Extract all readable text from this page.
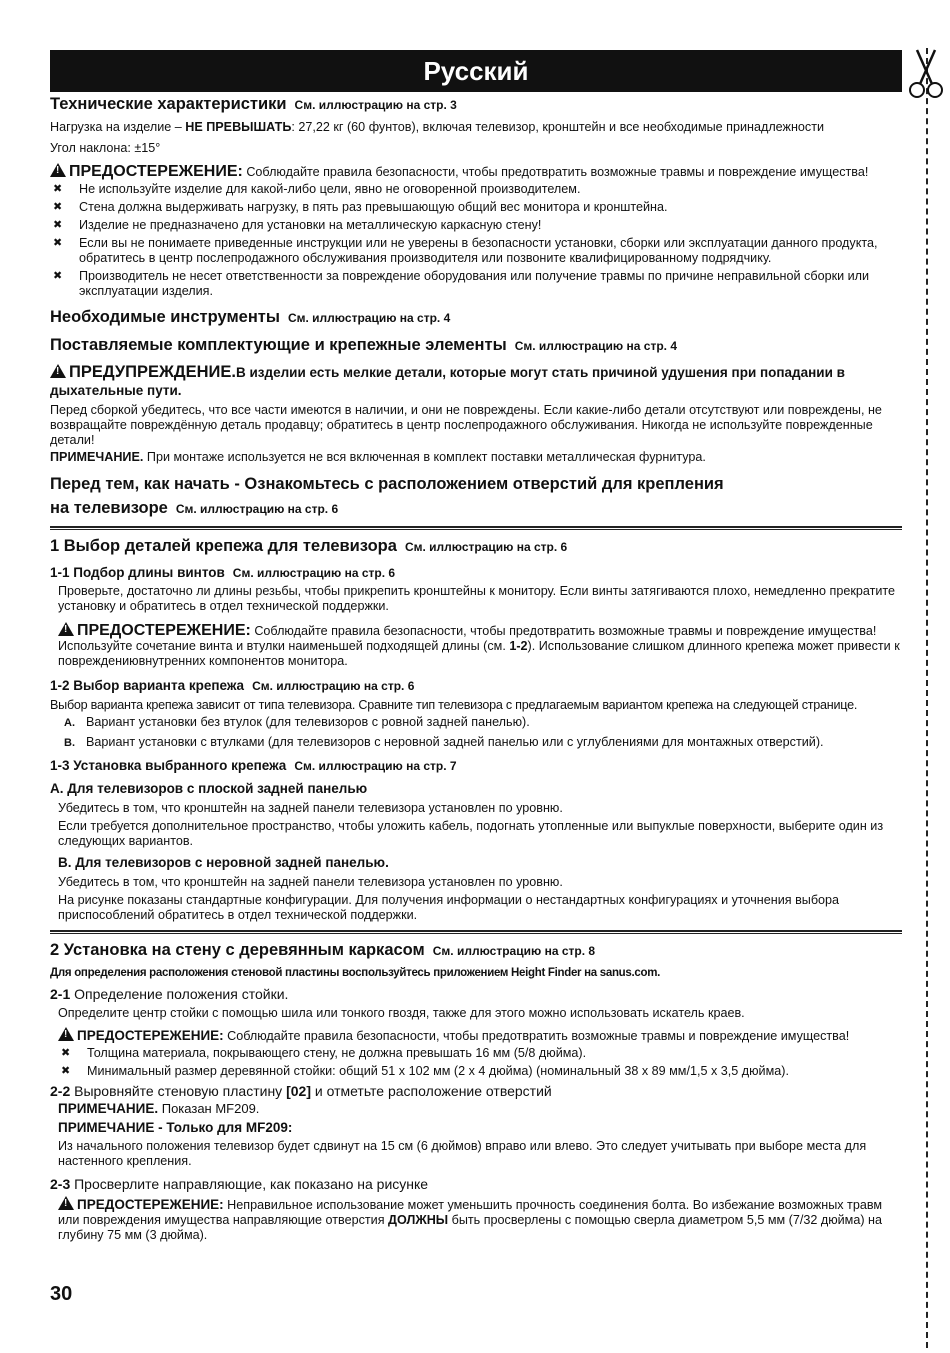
Русский
Технические характеристики См. иллюстрацию на стр. 3

Нагрузка на изделие – НЕ ПРЕВЫШАТЬ: 27,22 кг (60 фунтов), включая телевизор, кронштейн и все необходимые принадлежности

Угол наклона: ±15°

!ПРЕДОСТЕРЕЖЕНИЕ: Соблюдайте правила безопасности, чтобы предотвратить возможные травмы и повреждение имущества!
✖ Не используйте изделие для какой-либо цели, явно не оговоренной производителем.
✖ Стена должна выдерживать нагрузку, в пять раз превышающую общий вес монитора и кронштейна.
✖ Изделие не предназначено для установки на металлическую каркасную стену!
✖ Если вы не понимаете приведенные инструкции или не уверены в безопасности установки, сборки или эксплуатации данного продукта, обратитесь в центр послепродажного обслуживания производителя или позвоните квалифицированному подрядчику.
✖ Производитель не несет ответственности за повреждение оборудования или получение травмы по причине неправильной сборки или эксплуатации изделия.
Необходимые инструменты См. иллюстрацию на стр. 4
Поставляемые комплектующие и крепежные элементы См. иллюстрацию на стр. 4
!ПРЕДУПРЕЖДЕНИЕ.В изделии есть мелкие детали, которые могут стать причиной удушения при попадании в дыхательные пути.

Перед сборкой убедитесь, что все части имеются в наличии, и они не повреждены. Если какие-либо детали отсутствуют или повреждены, не возвращайте повреждённую деталь продавцу; обратитесь в центр послепродажного обслуживания. Никогда не используйте поврежденные детали!

ПРИМЕЧАНИЕ. При монтаже используется не вся включенная в комплект поставки металлическая фурнитура.

Перед тем, как начать - Ознакомьтесь с расположением отверстий для крепления
на телевизоре См. иллюстрацию на стр. 6
1 Выбор деталей крепежа для телевизора См. иллюстрацию на стр. 6
1-1 Подбор длины винтов См. иллюстрацию на стр. 6

Проверьте, достаточно ли длины резьбы, чтобы прикрепить кронштейны к монитору. Если винты затягиваются плохо, немедленно прекратите установку и обратитесь в отдел технической поддержки.

!ПРЕДОСТЕРЕЖЕНИЕ: Соблюдайте правила безопасности, чтобы предотвратить возможные травмы и повреждение имущества! Используйте сочетание винта и втулки наименьшей подходящей длины (см. 1-2). Использование слишком длинного крепежа может привести к повреждениювнутренних компонентов монитора.
1-2 Выбор варианта крепежа См. иллюстрацию на стр. 6

Выбор варианта крепежа зависит от типа телевизора. Сравните тип телевизора с предлагаемым вариантом крепежа на следующей странице.

A. Вариант установки без втулок (для телевизоров с ровной задней панелью).
B. Вариант установки с втулками (для телевизоров с неровной задней панелью или с углублениями для монтажных отверстий).
1-3 Установка выбранного крепежа См. иллюстрацию на стр. 7
A. Для телевизоров с плоской задней панелью

Убедитесь в том, что кронштейн на задней панели телевизора установлен по уровню.

Если требуется дополнительное пространство, чтобы уложить кабель, подогнать утопленные или выпуклые поверхности, выберите один из следующих вариантов.

B. Для телевизоров с неровной задней панелью.

Убедитесь в том, что кронштейн на задней панели телевизора установлен по уровню.

На рисунке показаны стандартные конфигурации. Для получения информации о нестандартных конфигурациях и уточнения выбора приспособлений обратитесь в отдел технической поддержки.

2 Установка на стену с деревянным каркасом См. иллюстрацию на стр. 8
Для определения расположения стеновой пластины воспользуйтесь приложением Height Finder на sanus.com.
2-1 Определение положения стойки.

Определите центр стойки с помощью шила или тонкого гвоздя, также для этого можно использовать искатель краев.

!ПРЕДОСТЕРЕЖЕНИЕ: Соблюдайте правила безопасности, чтобы предотвратить возможные травмы и повреждение имущества!
✖ Толщина материала, покрывающего стену, не должна превышать 16 мм (5/8 дюйма).
✖ Минимальный размер деревянной стойки: общий 51 x 102 мм (2 x 4 дюйма) (номинальный 38 x 89 мм/1,5 x 3,5 дюйма).
2-2 Выровняйте стеновую пластину [02] и отметьте расположение отверстий
ПРИМЕЧАНИЕ. Показан MF209.
ПРИМЕЧАНИЕ - Только для MF209:

Из начального положения телевизор будет сдвинут на 15 см (6 дюймов) вправо или влево. Это следует учитывать при выборе места для настенного крепления.

2-3 Просверлите направляющие, как показано на рисунке
!ПРЕДОСТЕРЕЖЕНИЕ: Неправильное использование может уменьшить прочность соединения болта. Во избежание возможных травм или повреждения имущества направляющие отверстия ДОЛЖНЫ быть просверлены с помощью сверла диаметром 5,5 мм (7/32 дюйма) на глубину 75 мм (3 дюйма).
30
